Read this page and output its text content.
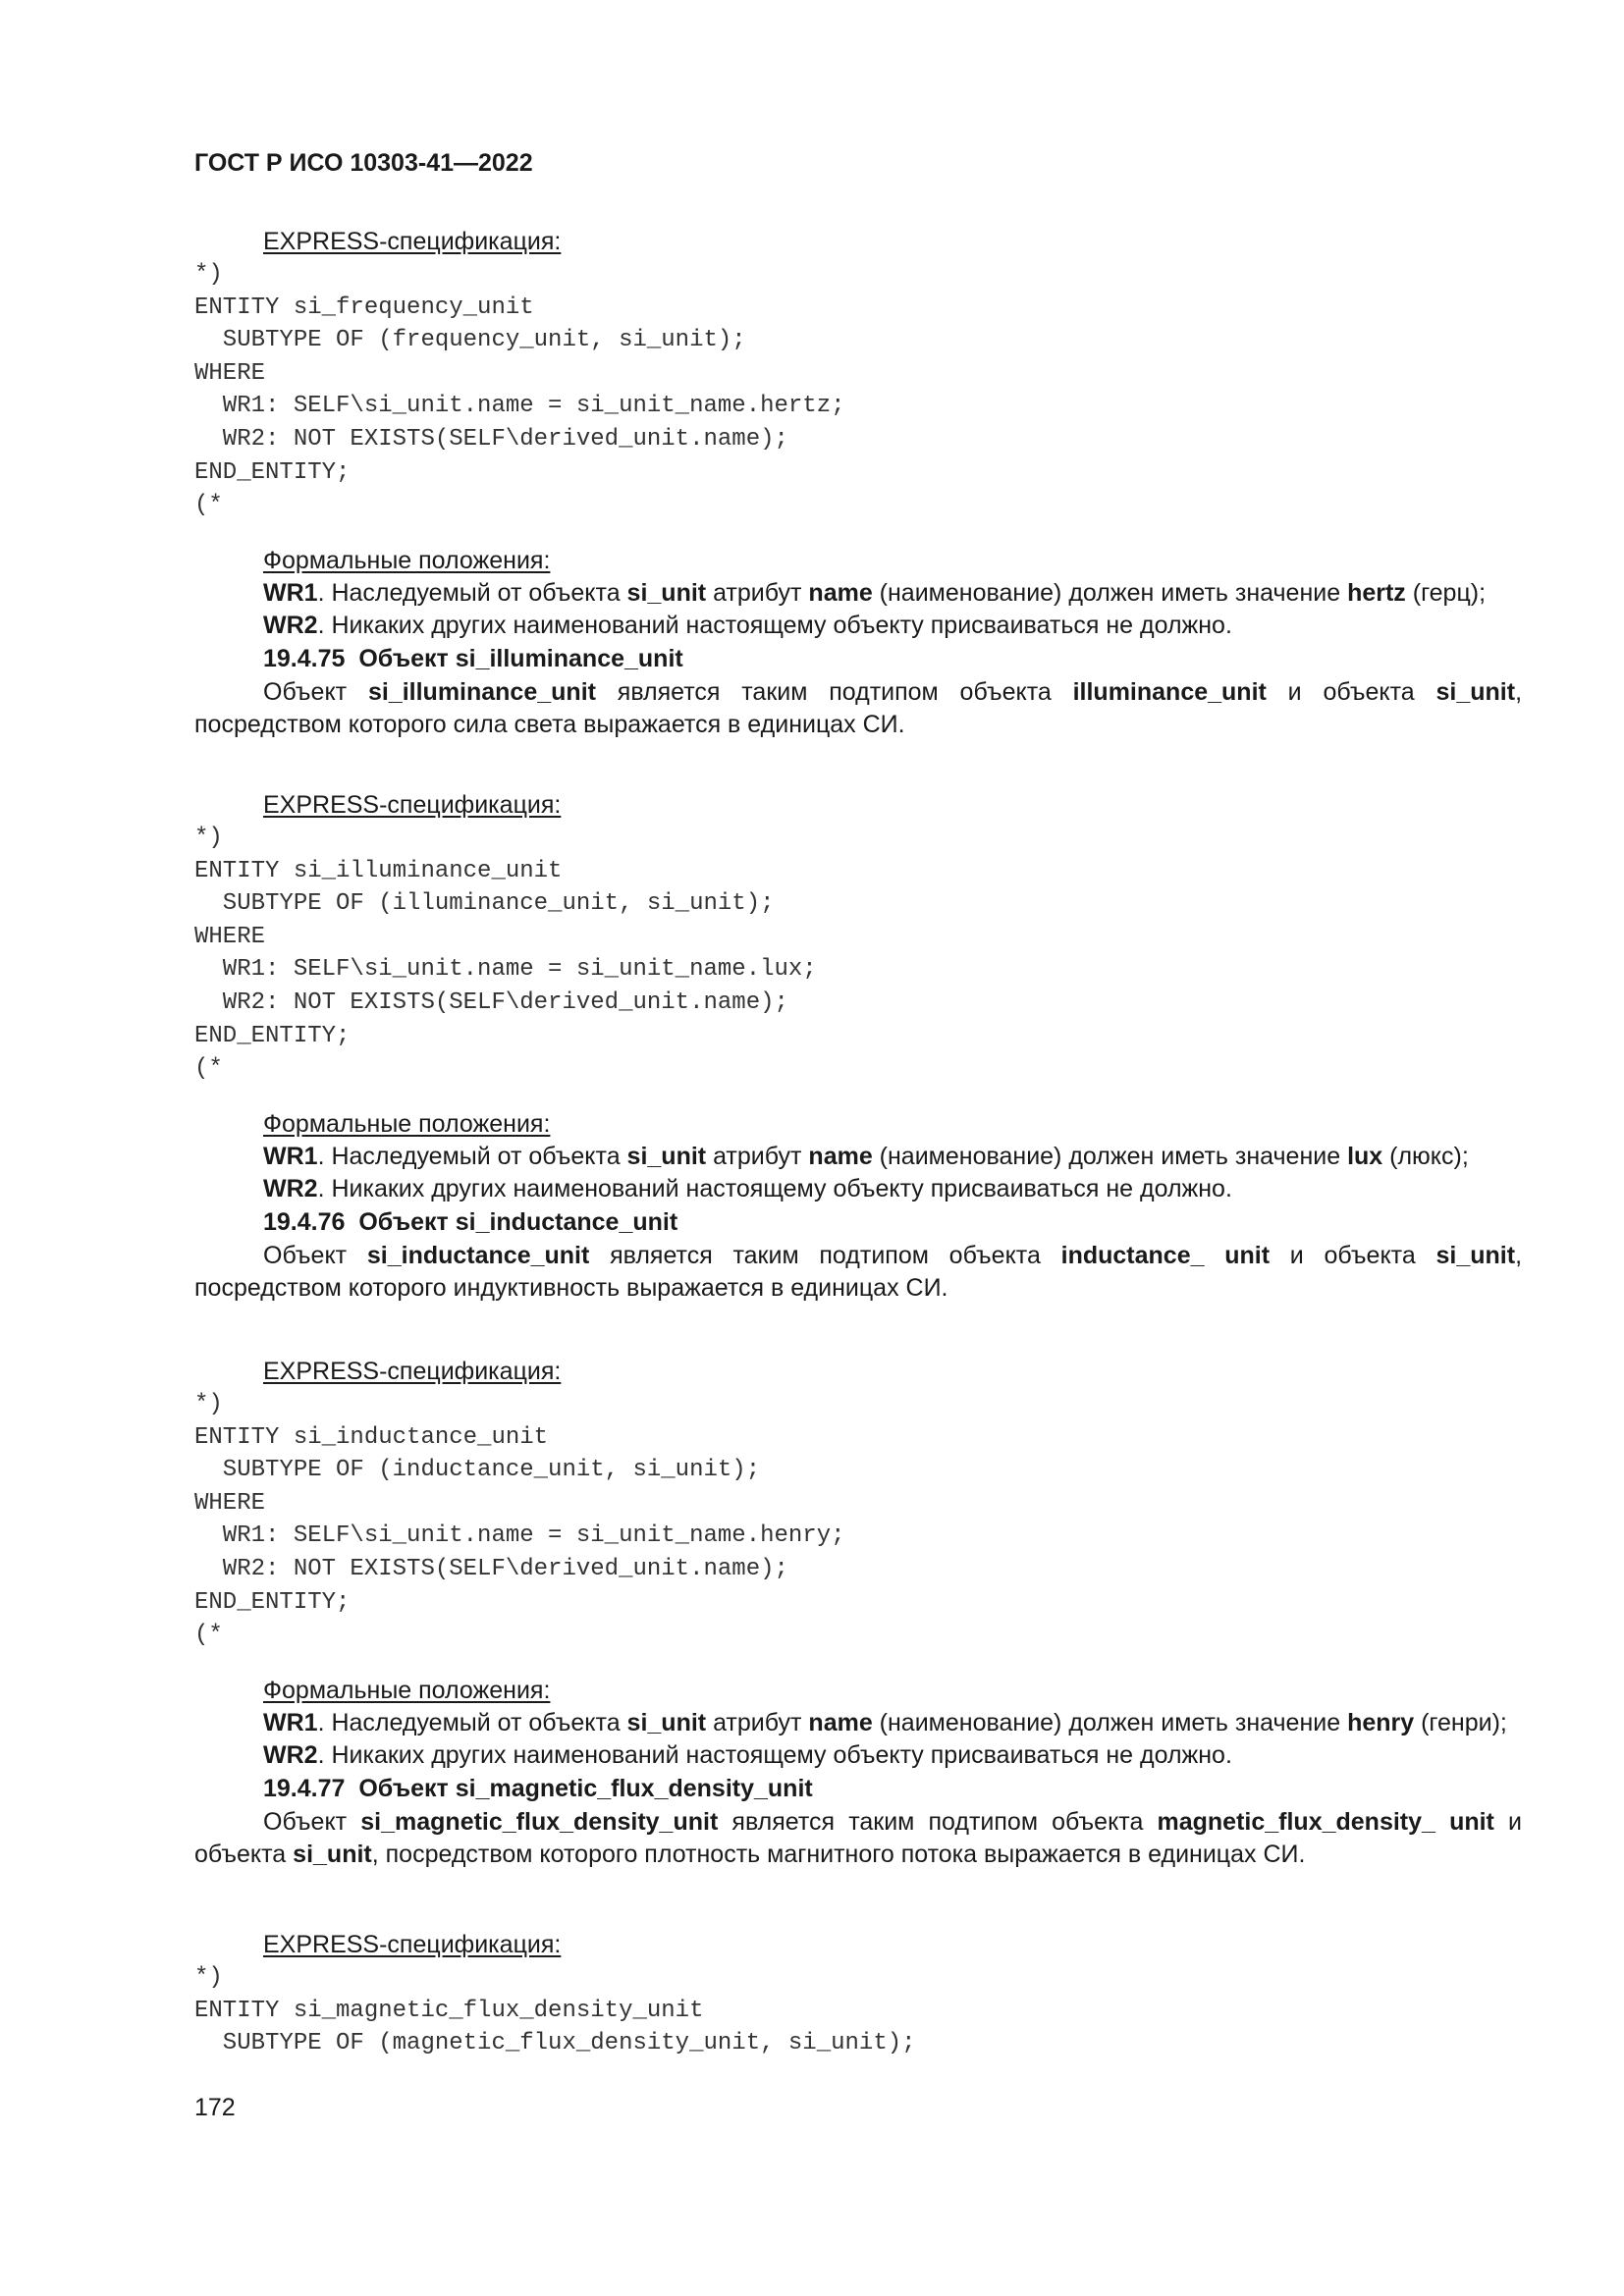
ГОСТ Р ИСО 10303-41—2022
EXPRESS-спецификация:
*)
ENTITY si_frequency_unit
SUBTYPE OF (frequency_unit, si_unit);
WHERE
WR1: SELF\si_unit.name = si_unit_name.hertz;
WR2: NOT EXISTS(SELF\derived_unit.name);
END_ENTITY;
(*
Формальные положения:

WR1. Наследуемый от объекта si_unit атрибут name (наименование) должен иметь значение hertz (герц);

WR2. Никаких других наименований настоящему объекту присваиваться не должно.

19.4.75 Объект si_illuminance_unit

Объект si_illuminance_unit является таким подтипом объекта illuminance_unit и объекта si_unit, посредством которого сила света выражается в единицах СИ.

EXPRESS-спецификация:
*)
ENTITY si_illuminance_unit
SUBTYPE OF (illuminance_unit, si_unit);
WHERE
WR1: SELF\si_unit.name = si_unit_name.lux;
WR2: NOT EXISTS(SELF\derived_unit.name);
END_ENTITY;
(*
Формальные положения:

WR1. Наследуемый от объекта si_unit атрибут name (наименование) должен иметь значение lux (люкс);

WR2. Никаких других наименований настоящему объекту присваиваться не должно.

19.4.76 Объект si_inductance_unit

Объект si_inductance_unit является таким подтипом объекта inductance_ unit и объекта si_unit, посредством которого индуктивность выражается в единицах СИ.

EXPRESS-спецификация:
*)
ENTITY si_inductance_unit
SUBTYPE OF (inductance_unit, si_unit);
WHERE
WR1: SELF\si_unit.name = si_unit_name.henry;
WR2: NOT EXISTS(SELF\derived_unit.name);
END_ENTITY;
(*
Формальные положения:

WR1. Наследуемый от объекта si_unit атрибут name (наименование) должен иметь значение henry (генри);

WR2. Никаких других наименований настоящему объекту присваиваться не должно.

19.4.77 Объект si_magnetic_flux_density_unit

Объект si_magnetic_flux_density_unit является таким подтипом объекта magnetic_flux_density_ unit и объекта si_unit, посредством которого плотность магнитного потока выражается в единицах СИ.

EXPRESS-спецификация:
*)
ENTITY si_magnetic_flux_density_unit
SUBTYPE OF (magnetic_flux_density_unit, si_unit);
172
